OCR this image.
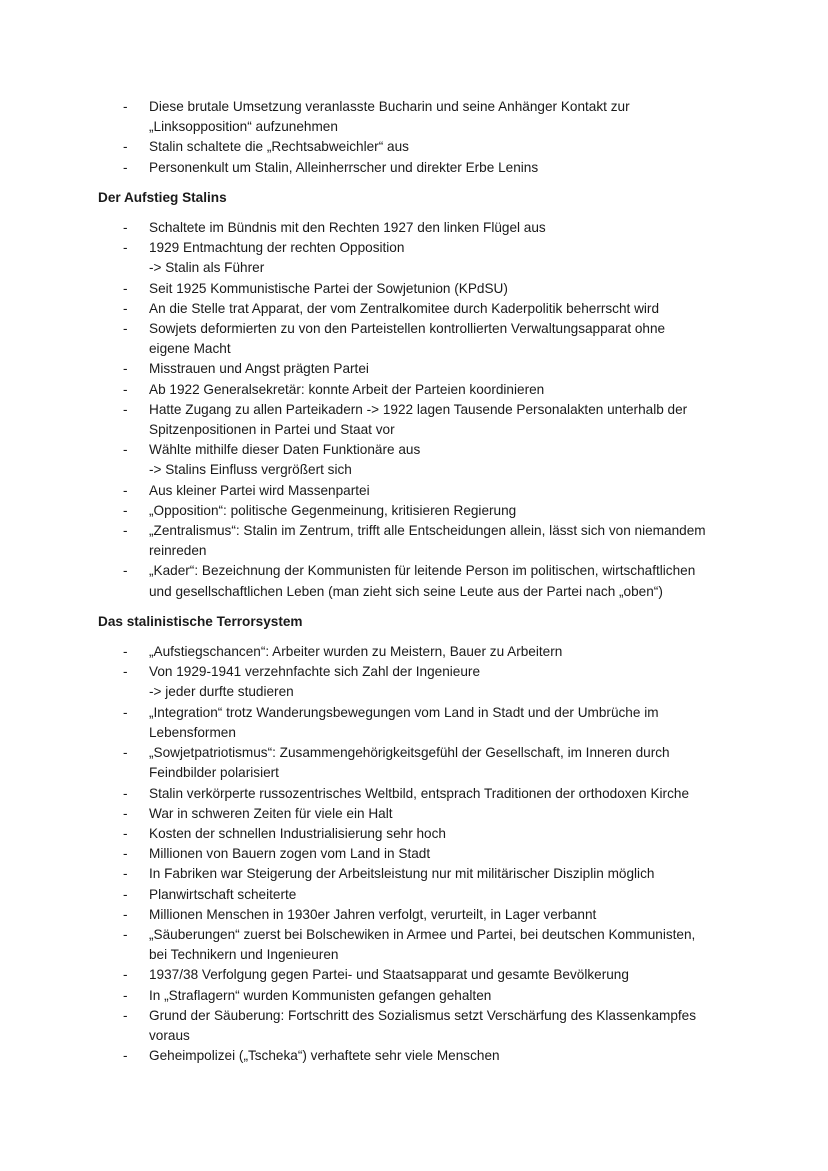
- Diese brutale Umsetzung veranlasste Bucharin und seine Anhänger Kontakt zur
„Linksopposition“ aufzunehmen
- Stalin schaltete die „Rechtsabweichler“ aus
- Personenkult um Stalin, Alleinherrscher und direkter Erbe Lenins
Der Aufstieg Stalins
- Schaltete im Bündnis mit den Rechten 1927 den linken Flügel aus
- 1929 Entmachtung der rechten Opposition
-> Stalin als Führer
- Seit 1925 Kommunistische Partei der Sowjetunion (KPdSU)
- An die Stelle trat Apparat, der vom Zentralkomitee durch Kaderpolitik beherrscht wird
- Sowjets deformierten zu von den Parteistellen kontrollierten Verwaltungsapparat ohne
eigene Macht
- Misstrauen und Angst prägten Partei
- Ab 1922 Generalsekretär: konnte Arbeit der Parteien koordinieren
- Hatte Zugang zu allen Parteikadern -> 1922 lagen Tausende Personalakten unterhalb der
Spitzenpositionen in Partei und Staat vor
- Wählte mithilfe dieser Daten Funktionäre aus
-> Stalins Einfluss vergrößert sich
- Aus kleiner Partei wird Massenpartei
- „Opposition“: politische Gegenmeinung, kritisieren Regierung
- „Zentralismus“: Stalin im Zentrum, trifft alle Entscheidungen allein, lässt sich von niemandem
reinreden
- „Kader“: Bezeichnung der Kommunisten für leitende Person im politischen, wirtschaftlichen
und gesellschaftlichen Leben (man zieht sich seine Leute aus der Partei nach „oben“)
Das stalinistische Terrorsystem
- „Aufstiegschancen“: Arbeiter wurden zu Meistern, Bauer zu Arbeitern
- Von 1929-1941 verzehnfachte sich Zahl der Ingenieure
-> jeder durfte studieren
- „Integration“ trotz Wanderungsbewegungen vom Land in Stadt und der Umbrüche im
Lebensformen
- „Sowjetpatriotismus“: Zusammengehörigkeitsgefühl der Gesellschaft, im Inneren durch
Feindbilder polarisiert
- Stalin verkörperte russozentrisches Weltbild, entsprach Traditionen der orthodoxen Kirche
- War in schweren Zeiten für viele ein Halt
- Kosten der schnellen Industrialisierung sehr hoch
- Millionen von Bauern zogen vom Land in Stadt
- In Fabriken war Steigerung der Arbeitsleistung nur mit militärischer Disziplin möglich
- Planwirtschaft scheiterte
- Millionen Menschen in 1930er Jahren verfolgt, verurteilt, in Lager verbannt
- „Säuberungen“ zuerst bei Bolschewiken in Armee und Partei, bei deutschen Kommunisten,
bei Technikern und Ingenieuren
- 1937/38 Verfolgung gegen Partei- und Staatsapparat und gesamte Bevölkerung
- In „Straflagern“ wurden Kommunisten gefangen gehalten
- Grund der Säuberung: Fortschritt des Sozialismus setzt Verschärfung des Klassenkampfes
voraus
- Geheimpolizei („Tscheka“) verhaftete sehr viele Menschen
